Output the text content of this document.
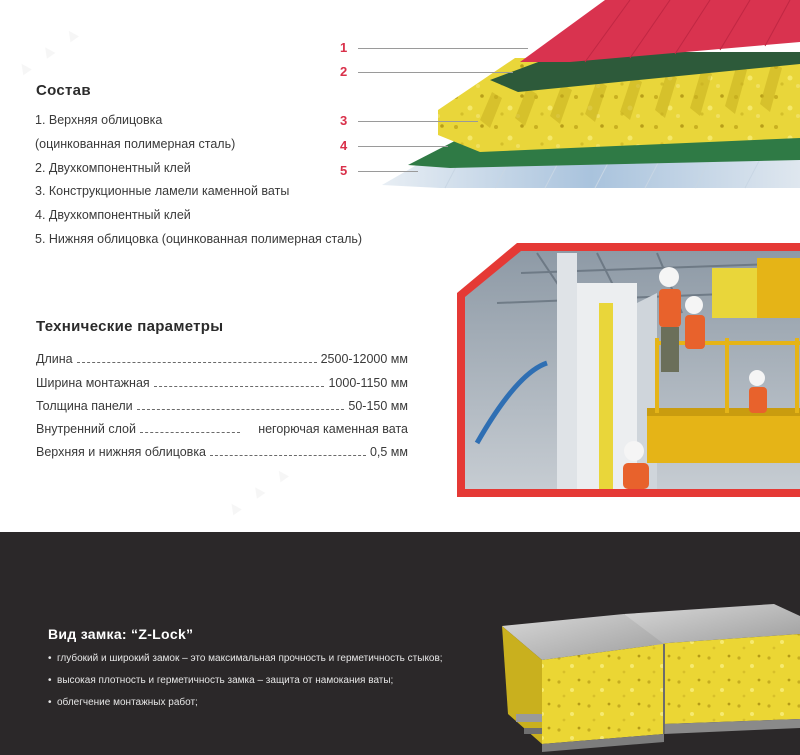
Состав
1. Верхняя облицовка
(оцинкованная полимерная сталь)
2. Двухкомпонентный клей
3. Конструкционные ламели каменной ваты
4. Двухкомпонентный клей
5. Нижняя облицовка (оцинкованная полимерная сталь)
1
2
3
4
5
Технические параметры
Длина	2500-12000 мм
Ширина монтажная	1000-1150 мм
Толщина панели	50-150 мм
Внутренний слой	негорючая каменная вата
Верхняя и нижняя облицовка	0,5 мм
Вид замка: “Z-Lock”
• глубокий и широкий замок – это максимальная прочность и герметичность стыков;
• высокая плотность и герметичность замка – защита от намокания ваты;
• облегчение монтажных работ;
